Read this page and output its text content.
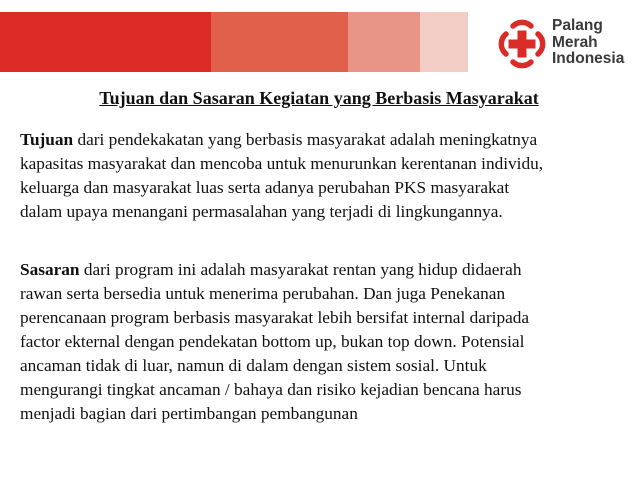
Palang
Merah
Indonesia
Tujuan dan Sasaran Kegiatan yang Berbasis Masyarakat

Tujuan dari pendekakatan yang berbasis masyarakat adalah meningkatnya
kapasitas masyarakat dan mencoba untuk menurunkan kerentanan individu,
keluarga dan masyarakat luas serta adanya perubahan PKS masyarakat
dalam upaya menangani permasalahan yang terjadi di lingkungannya.

Sasaran dari program ini adalah masyarakat rentan yang hidup didaerah
rawan serta bersedia untuk menerima perubahan. Dan juga Penekanan
perencanaan program berbasis masyarakat lebih bersifat internal daripada
factor ekternal dengan pendekatan bottom up, bukan top down. Potensial
ancaman tidak di luar, namun di dalam dengan sistem sosial. Untuk
mengurangi tingkat ancaman / bahaya dan risiko kejadian bencana harus
menjadi bagian dari pertimbangan pembangunan
